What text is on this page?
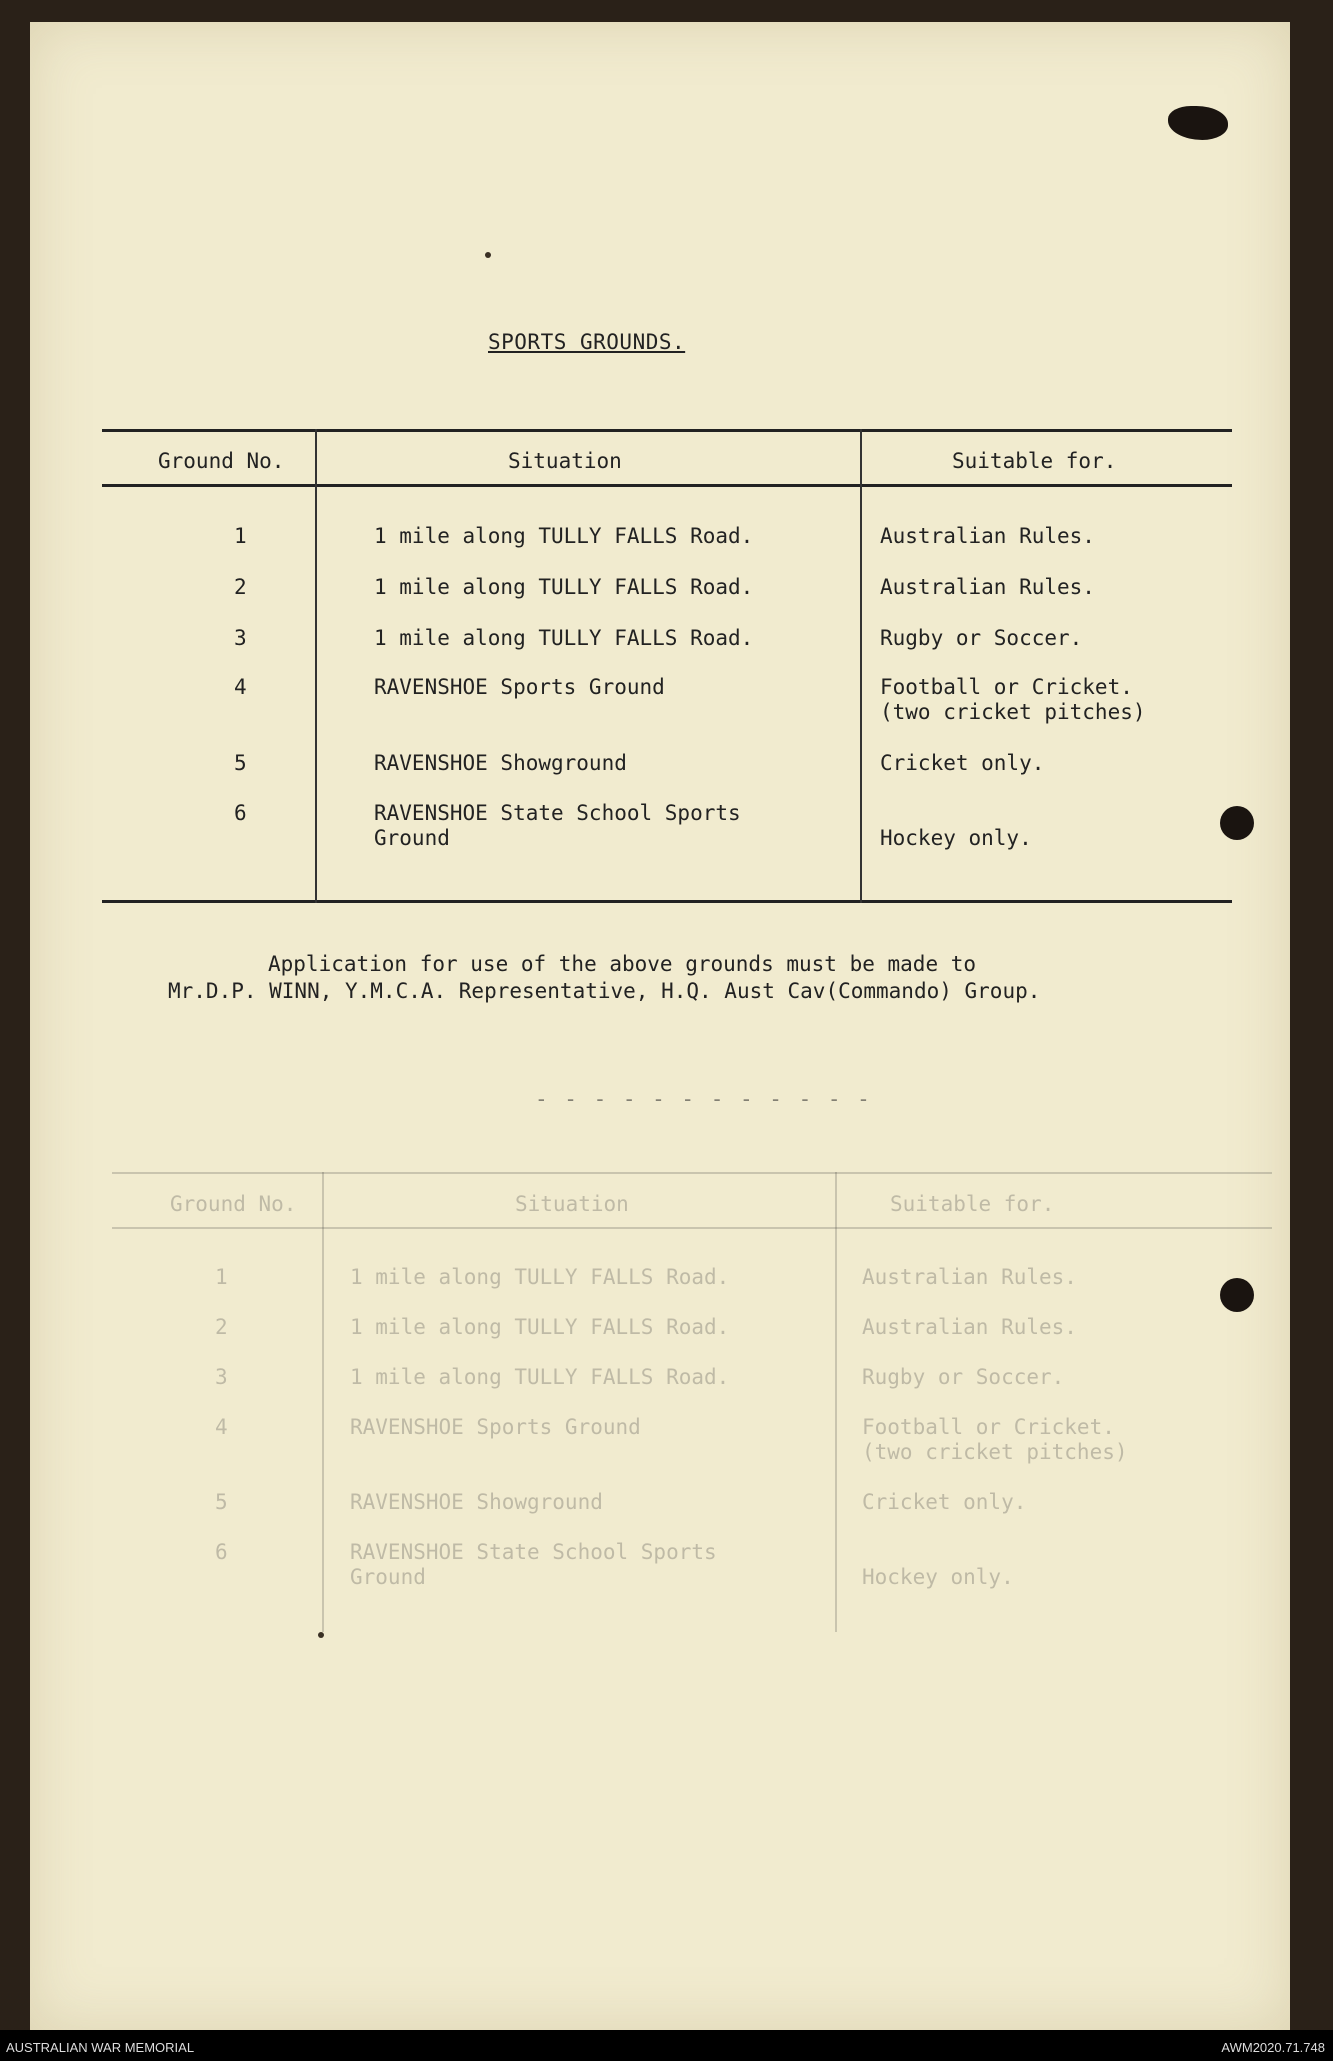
SPORTS GROUNDS.
Ground No.	Situation	Suitable for.
1	1 mile along TULLY FALLS Road.	Australian Rules.
2	1 mile along TULLY FALLS Road.	Australian Rules.
3	1 mile along TULLY FALLS Road.	Rugby or Soccer.
4	RAVENSHOE Sports Ground	Football or Cricket.
(two cricket pitches)
5	RAVENSHOE Showground	Cricket only.
6	RAVENSHOE State School Sports
Ground	Hockey only.
Application for use of the above grounds must be made to
Mr.D.P. WINN, Y.M.C.A. Representative, H.Q. Aust Cav(Commando) Group.
- - - - - - - - - - - -
Ground No.	Situation	Suitable for.
1	1 mile along TULLY FALLS Road.	Australian Rules.
2	1 mile along TULLY FALLS Road.	Australian Rules.
3	1 mile along TULLY FALLS Road.	Rugby or Soccer.
4	RAVENSHOE Sports Ground	Football or Cricket.
(two cricket pitches)
5	RAVENSHOE Showground	Cricket only.
6	RAVENSHOE State School Sports
Ground	Hockey only.
AUSTRALIAN WAR MEMORIAL	AWM2020.71.748
